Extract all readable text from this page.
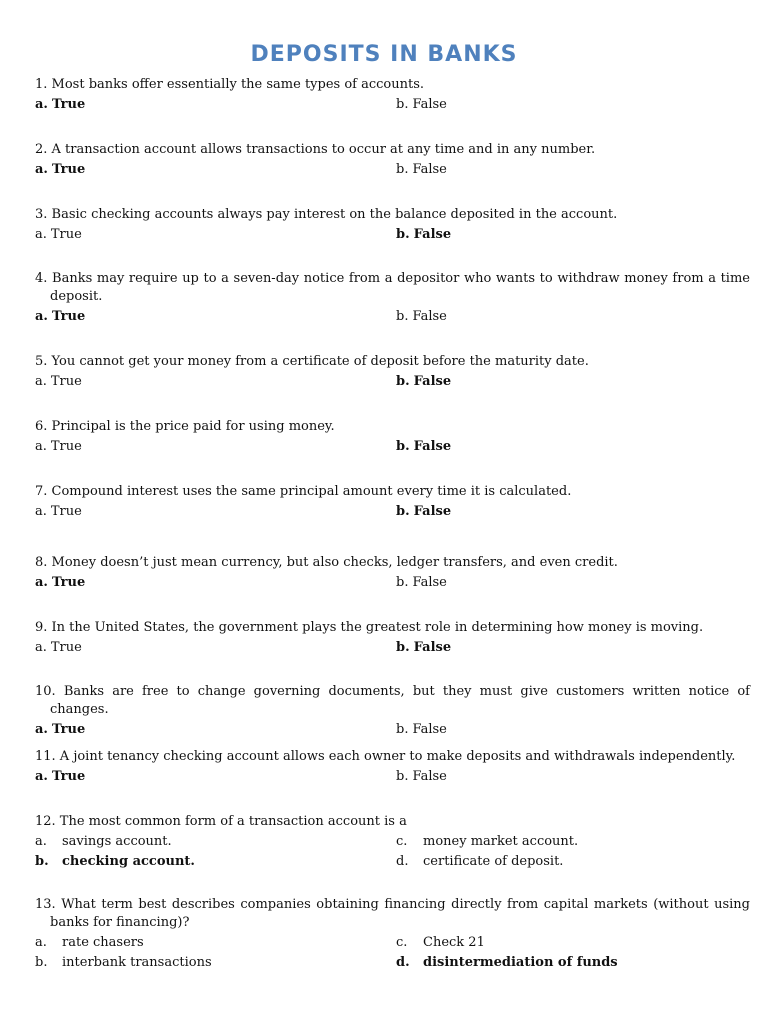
DEPOSITS IN BANKS
1. Most banks offer essentially the same types of accounts.
a. True	b. False
2. A transaction account allows transactions to occur at any time and in any number.
a. True	b. False
3. Basic checking accounts always pay interest on the balance deposited in the account.
a. True	b. False
4. Banks may require up to a seven-day notice from a depositor who wants to withdraw money from a time deposit.
a. True	b. False
5. You cannot get your money from a certificate of deposit before the maturity date.
a. True	b. False
6. Principal is the price paid for using money.
a. True	b. False
7. Compound interest uses the same principal amount every time it is calculated.
a. True	b. False
8. Money doesn’t just mean currency, but also checks, ledger transfers, and even credit.
a. True	b. False
9. In the United States, the government plays the greatest role in determining how money is moving.
a. True	b. False
10. Banks are free to change governing documents, but they must give customers written notice of changes.
a. True	b. False
11. A joint tenancy checking account allows each owner to make deposits and withdrawals independently.
a. True	b. False
12. The most common form of a transaction account is a
a. savings account.	c. money market account.
b. checking account.	d. certificate of deposit.
13. What term best describes companies obtaining financing directly from capital markets (without using banks for financing)?
a. rate chasers	c. Check 21
b. interbank transactions	d. disintermediation of funds
